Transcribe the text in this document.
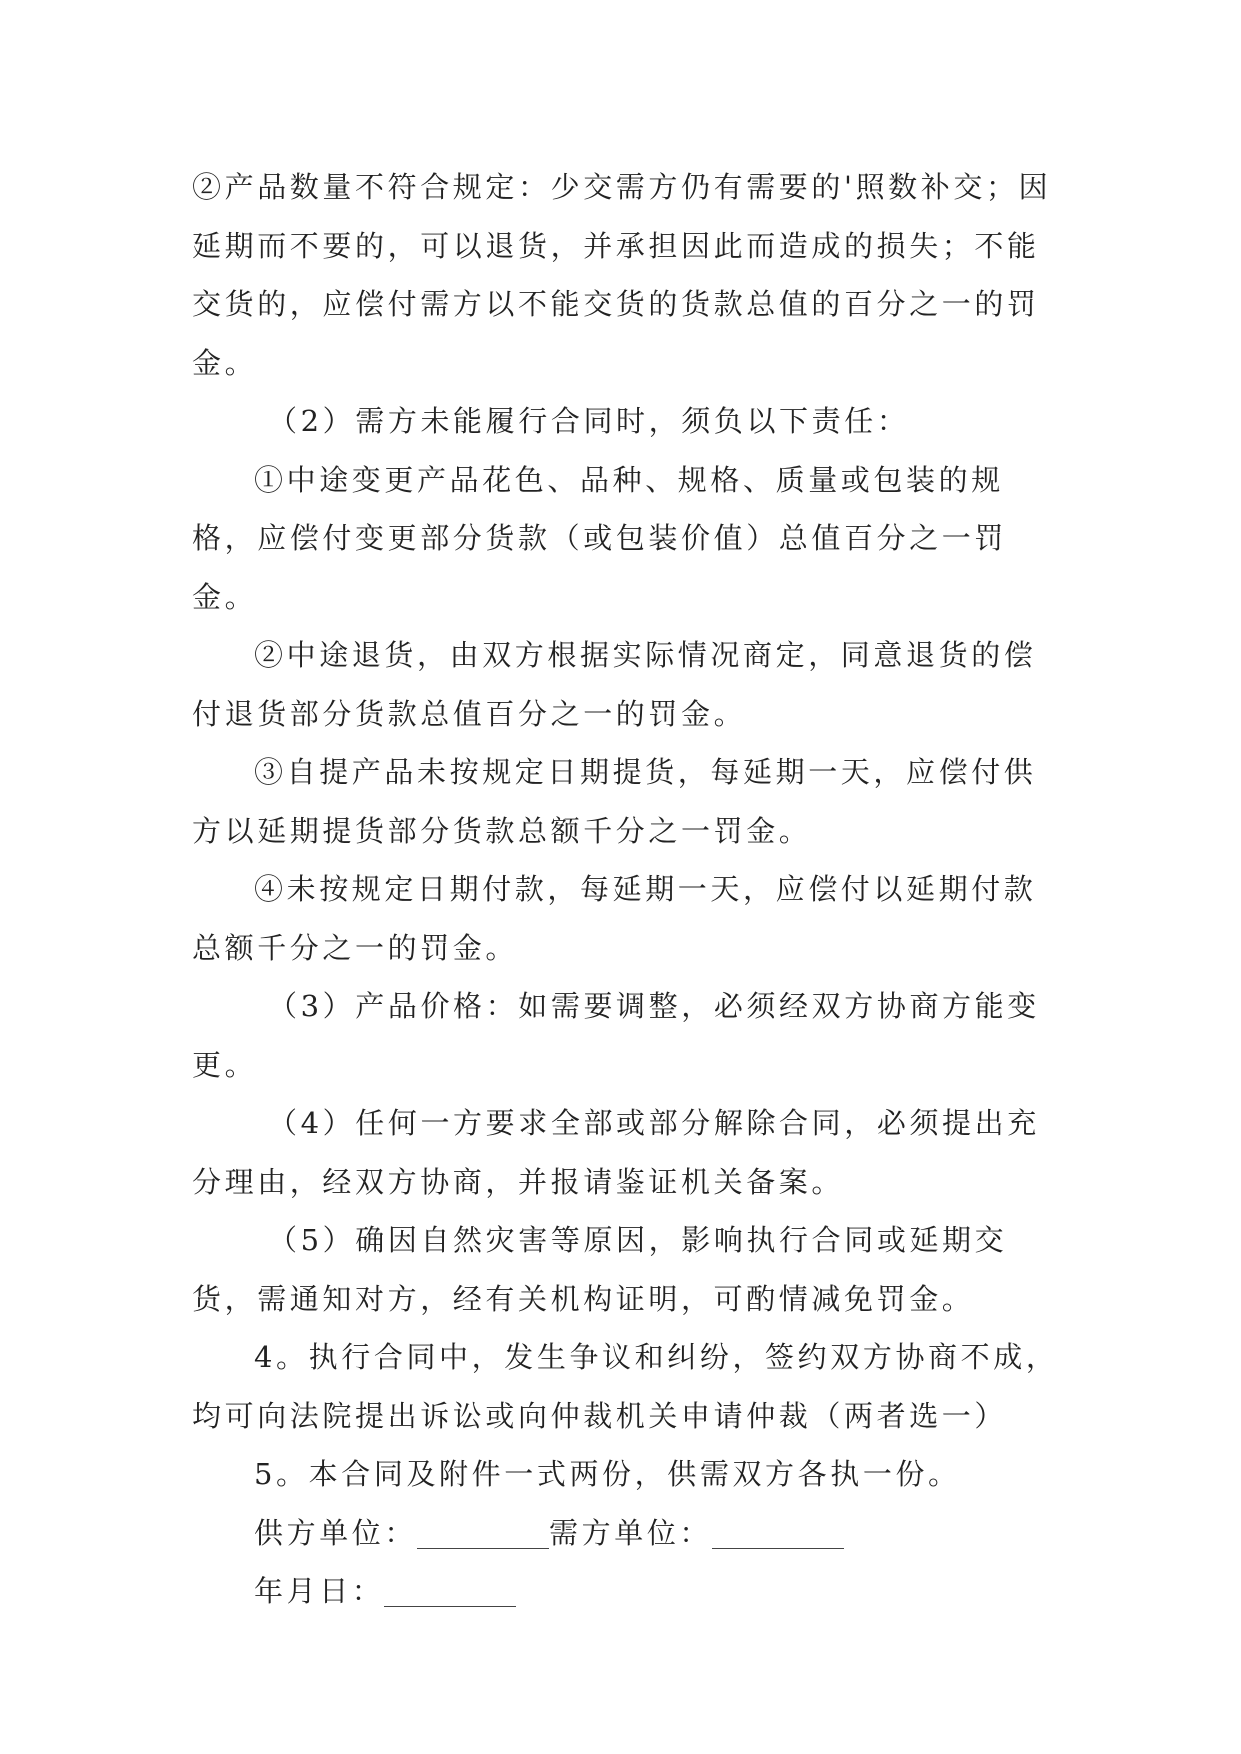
②产品数量不符合规定：少交需方仍有需要的'照数补交；因延期而不要的，可以退货，并承担因此而造成的损失；不能交货的，应偿付需方以不能交货的货款总值的百分之一的罚金。

（2）需方未能履行合同时，须负以下责任：

①中途变更产品花色、品种、规格、质量或包装的规格，应偿付变更部分货款（或包装价值）总值百分之一罚金。

②中途退货，由双方根据实际情况商定，同意退货的偿付退货部分货款总值百分之一的罚金。

③自提产品未按规定日期提货，每延期一天，应偿付供方以延期提货部分货款总额千分之一罚金。

④未按规定日期付款，每延期一天，应偿付以延期付款总额千分之一的罚金。

（3）产品价格：如需要调整，必须经双方协商方能变更。

（4）任何一方要求全部或部分解除合同，必须提出充分理由，经双方协商，并报请鉴证机关备案。

（5）确因自然灾害等原因，影响执行合同或延期交货，需通知对方，经有关机构证明，可酌情减免罚金。

4。执行合同中，发生争议和纠纷，签约双方协商不成，均可向法院提出诉讼或向仲裁机关申请仲裁（两者选一）

5。本合同及附件一式两份，供需双方各执一份。

供方单位：	需方单位：

年月日：
